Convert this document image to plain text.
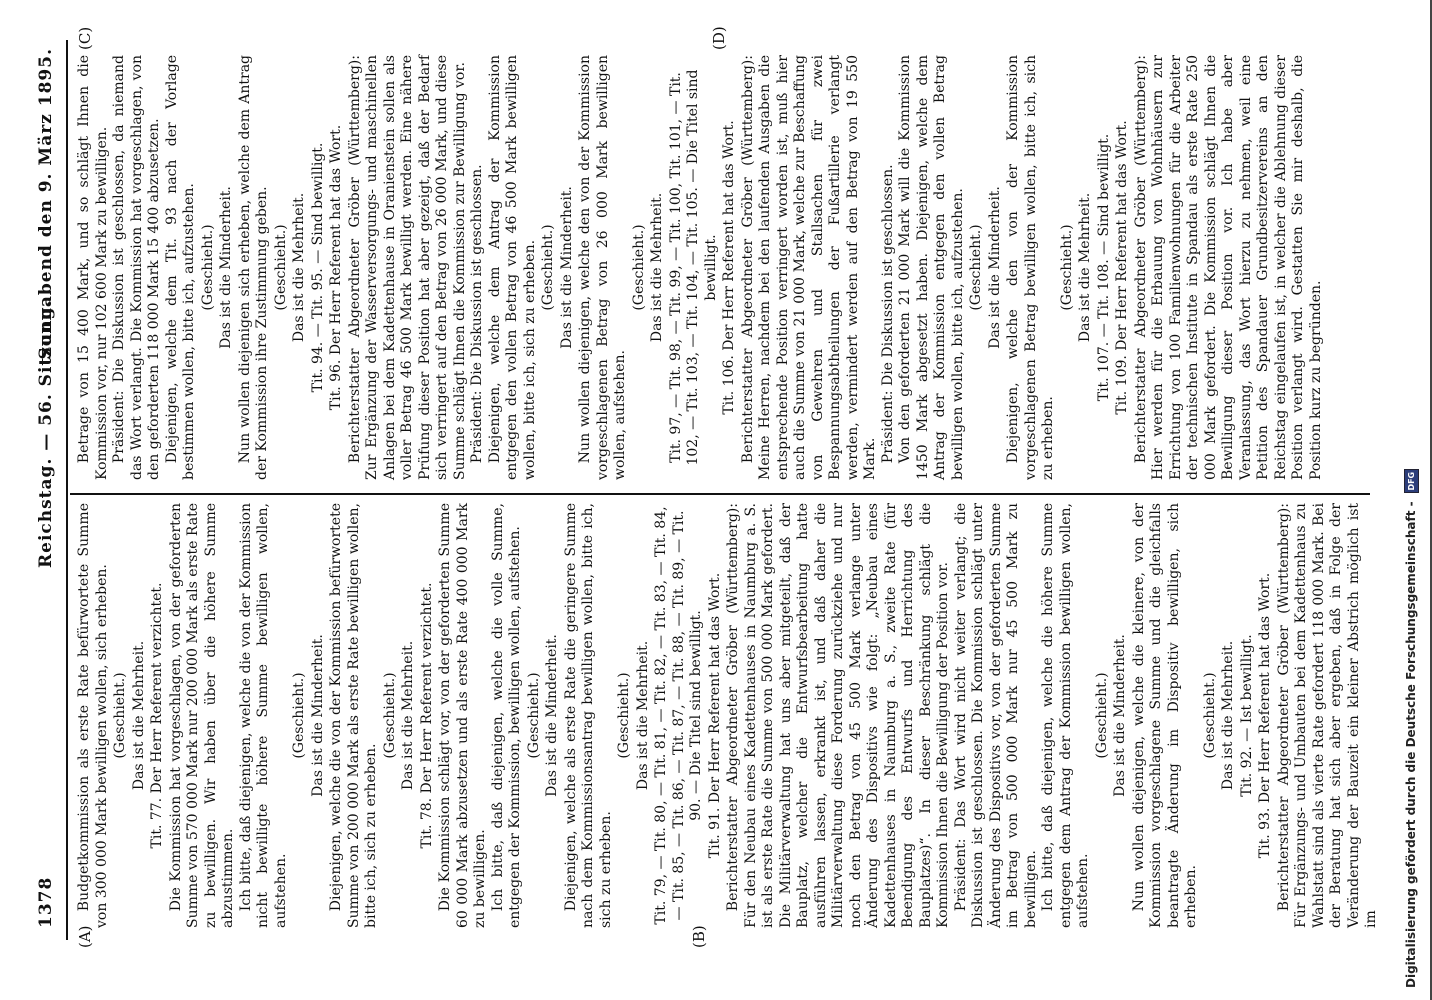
1378
Reichstag. — 56. Sitzung.
Sonnabend den 9. März 1895.
(A)	(B)
(C)	(D)

Budgetkommission als erste Rate befürwortete Summe von 300 000 Mark bewilligen wollen, sich erheben. (Geschieht.) Das ist die Mehrheit. Tit. 77. Der Herr Referent verzichtet. Die Kommission hat vorgeschlagen, von der geforderten Summe von 570 000 Mark nur 200 000 Mark als erste Rate zu bewilligen. Wir haben über die höhere Summe abzustimmen. Ich bitte, daß diejenigen, welche die von der Kommission nicht bewilligte höhere Summe bewilligen wollen, aufstehen.

(Geschieht.) Das ist die Minderheit. Diejenigen, welche die von der Kommission befürwortete Summe von 200 000 Mark als erste Rate bewilligen wollen, bitte ich, sich zu erheben.

(Geschieht.) Das ist die Mehrheit. Tit. 78. Der Herr Referent verzichtet. Die Kommission schlägt vor, von der geforderten Summe 60 000 Mark abzusetzen und als erste Rate 400 000 Mark zu bewilligen. Ich bitte, daß diejenigen, welche die volle Summe, entgegen der Kommission, bewilligen wollen, aufstehen. (Geschieht.) Das ist die Minderheit. Diejenigen, welche als erste Rate die geringere Summe nach dem Kommissionsantrag bewilligen wollen, bitte ich, sich zu erheben.

(Geschieht.) Das ist die Mehrheit. Tit. 79, — Tit. 80, — Tit. 81, — Tit. 82, — Tit. 83, — Tit. 84, — Tit. 85, — Tit. 86, — Tit. 87, — Tit. 88, — Tit. 89, — Tit. 90. — Die Titel sind bewilligt. Tit. 91. Der Herr Referent hat das Wort. Berichterstatter Abgeordneter Gröber (Württemberg): Für den Neubau eines Kadettenhauses in Naumburg a. S. ist als erste Rate die Summe von 500 000 Mark gefordert. Die Militärverwaltung hat uns aber mitgeteilt, daß der Bauplatz, welcher die Entwurfsbearbeitung hatte ausführen lassen, erkrankt ist, und daß daher die Militärverwaltung diese Forderung zurückziehe und nur noch den Betrag von 45 500 Mark verlange unter Änderung des Dispositivs wie folgt: „Neubau eines Kadettenhauses in Naumburg a. S., zweite Rate (für Beendigung des Entwurfs und Herrichtung des Bauplatzes)“. In dieser Beschränkung schlägt die Kommission Ihnen die Bewilligung der Position vor. Präsident: Das Wort wird nicht weiter verlangt; die Diskussion ist geschlossen. Die Kommission schlägt unter Änderung des Dispositivs vor, von der geforderten Summe im Betrag von 500 000 Mark nur 45 500 Mark zu bewilligen. Ich bitte, daß diejenigen, welche die höhere Summe entgegen dem Antrag der Kommission bewilligen wollen, aufstehen.

(Geschieht.) Das ist die Minderheit. Nun wollen diejenigen, welche die kleinere, von der Kommission vorgeschlagene Summe und die gleichfalls beantragte Änderung im Dispositiv bewilligen, sich erheben.

(Geschieht.) Das ist die Mehrheit. Tit. 92. — Ist bewilligt. Tit. 93. Der Herr Referent hat das Wort. Berichterstatter Abgeordneter Gröber (Württemberg): Für Ergänzungs- und Umbauten bei dem Kadettenhaus zu Wahlstatt sind als vierte Rate gefordert 118 000 Mark. Bei der Beratung hat sich aber ergeben, daß in Folge der Veränderung der Bauzeit ein kleiner Abstrich möglich ist im

Betrage von 15 400 Mark, und so schlägt Ihnen die Kommission vor, nur 102 600 Mark zu bewilligen. Präsident: Die Diskussion ist geschlossen, da niemand das Wort verlangt. Die Kommission hat vorgeschlagen, von den geforderten 118 000 Mark 15 400 abzusetzen. Diejenigen, welche dem Tit. 93 nach der Vorlage bestimmen wollen, bitte ich, aufzustehen. (Geschieht.) Das ist die Minderheit. Nun wollen diejenigen sich erheben, welche dem Antrag der Kommission ihre Zustimmung geben. (Geschieht.) Das ist die Mehrheit. Tit. 94. — Tit. 95. — Sind bewilligt. Tit. 96. Der Herr Referent hat das Wort. Berichterstatter Abgeordneter Gröber (Württemberg): Zur Ergänzung der Wasserversorgungs- und maschinellen Anlagen bei dem Kadettenhause in Oranienstein sollen als voller Betrag 46 500 Mark bewilligt werden. Eine nähere Prüfung dieser Position hat aber gezeigt, daß der Bedarf sich verringert auf den Betrag von 26 000 Mark, und diese Summe schlägt Ihnen die Kommission zur Bewilligung vor. Präsident: Die Diskussion ist geschlossen. Diejenigen, welche dem Antrag der Kommission entgegen den vollen Betrag von 46 500 Mark bewilligen wollen, bitte ich, sich zu erheben. (Geschieht.) Das ist die Minderheit. Nun wollen diejenigen, welche den von der Kommission vorgeschlagenen Betrag von 26 000 Mark bewilligen wollen, aufstehen.

(Geschieht.) Das ist die Mehrheit. Tit. 97, — Tit. 98, — Tit. 99, — Tit. 100, Tit. 101, — Tit. 102, — Tit. 103, — Tit. 104, — Tit. 105. — Die Titel sind bewilligt. Tit. 106. Der Herr Referent hat das Wort. Berichterstatter Abgeordneter Gröber (Württemberg): Meine Herren, nachdem bei den laufenden Ausgaben die entsprechende Position verringert worden ist, muß hier auch die Summe von 21 000 Mark, welche zur Beschaffung von Gewehren und Stallsachen für zwei Bespannungsabtheilungen der Fußartillerie verlangt werden, vermindert werden auf den Betrag von 19 550 Mark. Präsident: Die Diskussion ist geschlossen. Von den geforderten 21 000 Mark will die Kommission 1450 Mark abgesetzt haben. Diejenigen, welche dem Antrag der Kommission entgegen den vollen Betrag bewilligen wollen, bitte ich, aufzustehen. (Geschieht.) Das ist die Minderheit. Diejenigen, welche den von der Kommission vorgeschlagenen Betrag bewilligen wollen, bitte ich, sich zu erheben.

(Geschieht.) Das ist die Mehrheit. Tit. 107. — Tit. 108. — Sind bewilligt. Tit. 109. Der Herr Referent hat das Wort. Berichterstatter Abgeordneter Gröber (Württemberg): Hier werden für die Erbauung von Wohnhäusern zur Errichtung von 100 Familienwohnungen für die Arbeiter der technischen Institute in Spandau als erste Rate 250 000 Mark gefordert. Die Kommission schlägt Ihnen die Bewilligung dieser Position vor. Ich habe aber Veranlassung, das Wort hierzu zu nehmen, weil eine Petition des Spandauer Grundbesitzervereins an den Reichstag eingelaufen ist, in welcher die Ablehnung dieser Position verlangt wird. Gestatten Sie mir deshalb, die Position kurz zu begründen.

Digitalisierung gefördert durch die Deutsche Forschungsgemeinschaft - DFG
